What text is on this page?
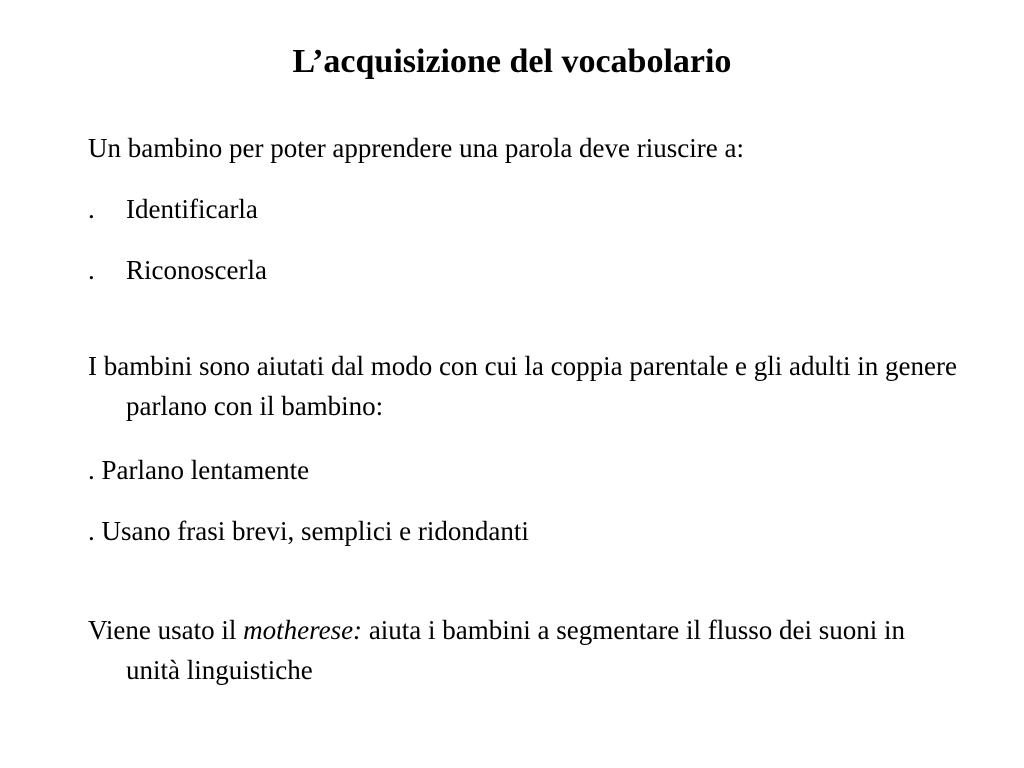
L’acquisizione del vocabolario
Un bambino per poter apprendere una parola deve riuscire a:
. Identificarla
. Riconoscerla
I bambini sono aiutati dal modo con cui la coppia parentale e gli adulti in genere parlano con il bambino:
. Parlano lentamente
. Usano frasi brevi, semplici e ridondanti
Viene usato il motherese: aiuta i bambini a segmentare il flusso dei suoni in unità linguistiche
